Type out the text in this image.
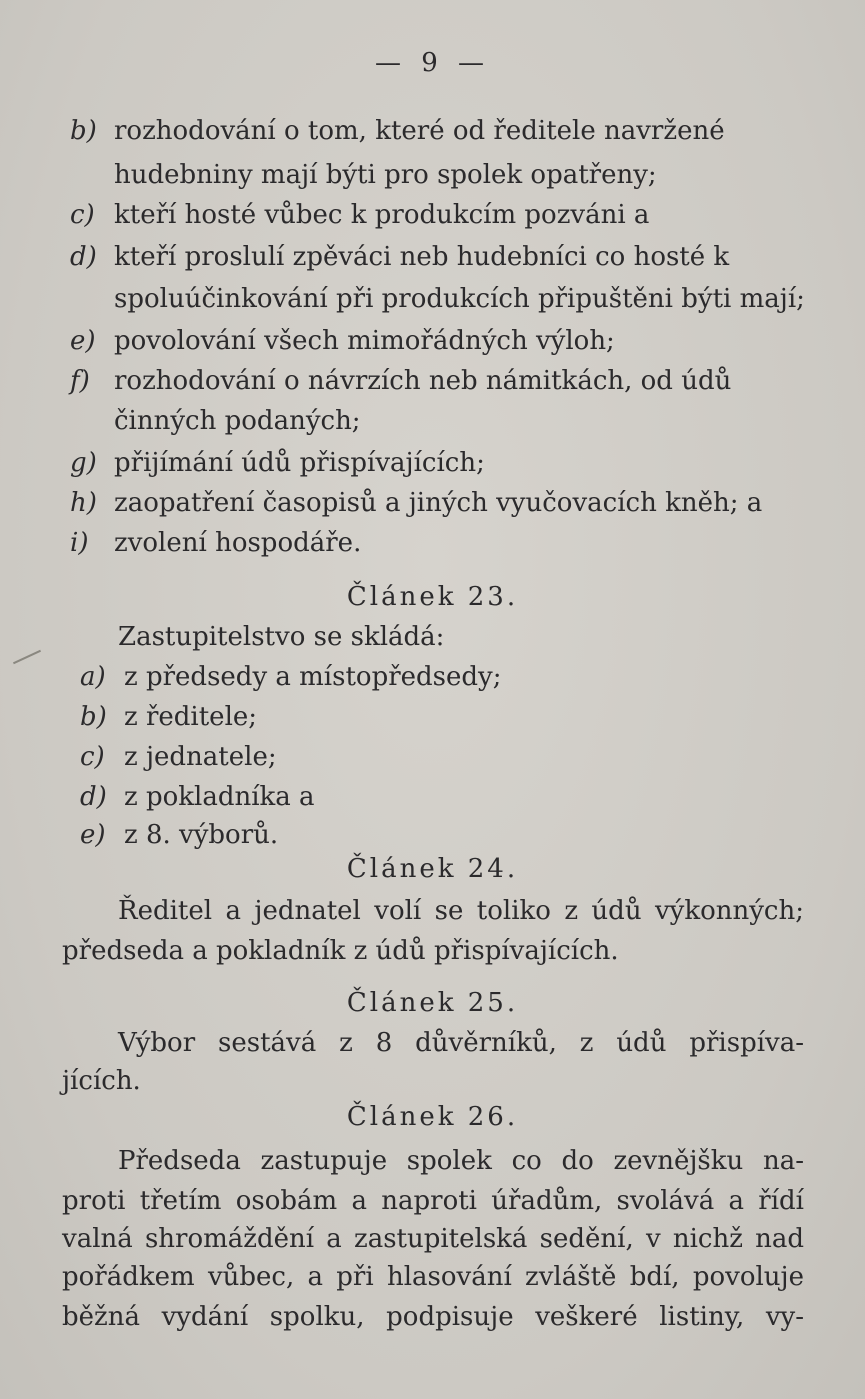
— 9 —
b) rozhodování o tom, které od ředitele navržené
hudebniny mají býti pro spolek opatřeny;
c) kteří hosté vůbec k produkcím pozváni a
d) kteří proslulí zpěváci neb hudebníci co hosté k
spoluúčinkování při produkcích připuštěni býti mají;
e) povolování všech mimořádných výloh;
f) rozhodování o návrzích neb námitkách, od údů
činných podaných;
g) přijímání údů přispívajících;
h) zaopatření časopisů a jiných vyučovacích kněh; a
i) zvolení hospodáře.
Článek 23.
Zastupitelstvo se skládá:
a) z předsedy a místopředsedy;
b) z ředitele;
c) z jednatele;
d) z pokladníka a
e) z 8. výborů.
Článek 24.
Ředitel a jednatel volí se toliko z údů výkonných;
předseda a pokladník z údů přispívajících.
Článek 25.
Výbor sestává z 8 důvěrníků, z údů přispíva-
jících.
Článek 26.
Předseda zastupuje spolek co do zevnějšku na-
proti třetím osobám a naproti úřadům, svolává a řídí
valná shromáždění a zastupitelská sedění, v nichž nad
pořádkem vůbec, a při hlasování zvláště bdí, povoluje
běžná vydání spolku, podpisuje veškeré listiny, vy-
